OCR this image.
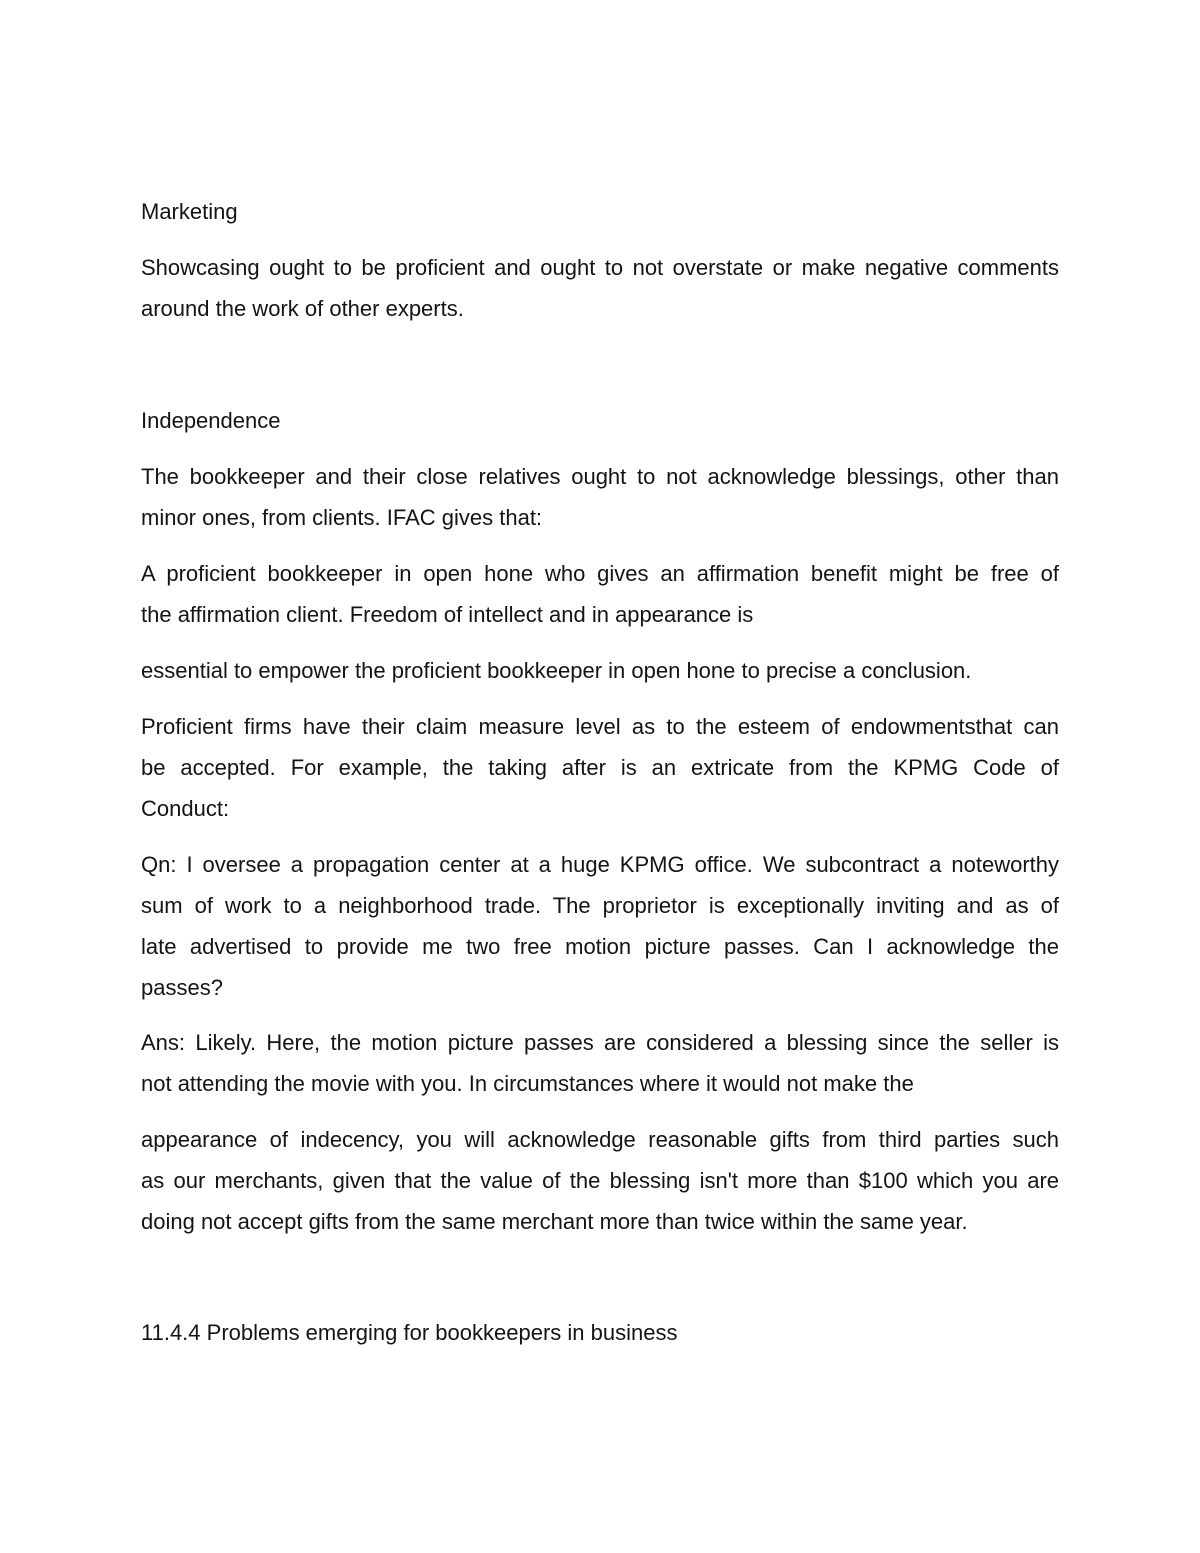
Marketing
Showcasing ought to be proficient and ought to not overstate or make negative comments
around the work of other experts.
Independence
The bookkeeper and their close relatives ought to not acknowledge blessings, other than
minor ones, from clients. IFAC gives that:
A proficient bookkeeper in open hone who gives an affirmation benefit might be free of
the affirmation client. Freedom of intellect and in appearance is
essential to empower the proficient bookkeeper in open hone to precise a conclusion.
Proficient firms have their claim measure level as to the esteem of endowmentsthat can
be accepted. For example, the taking after is an extricate from the KPMG Code of
Conduct:
Qn: I oversee a propagation center at a huge KPMG office. We subcontract a noteworthy
sum of work to a neighborhood trade. The proprietor is exceptionally inviting and as of
late advertised to provide me two free motion picture passes. Can I acknowledge the
passes?
Ans: Likely. Here, the motion picture passes are considered a blessing since the seller is
not attending the movie with you. In circumstances where it would not make the
appearance of indecency, you will acknowledge reasonable gifts from third parties such
as our merchants, given that the value of the blessing isn't more than $100 which you are
doing not accept gifts from the same merchant more than twice within the same year.
11.4.4 Problems emerging for bookkeepers in business
